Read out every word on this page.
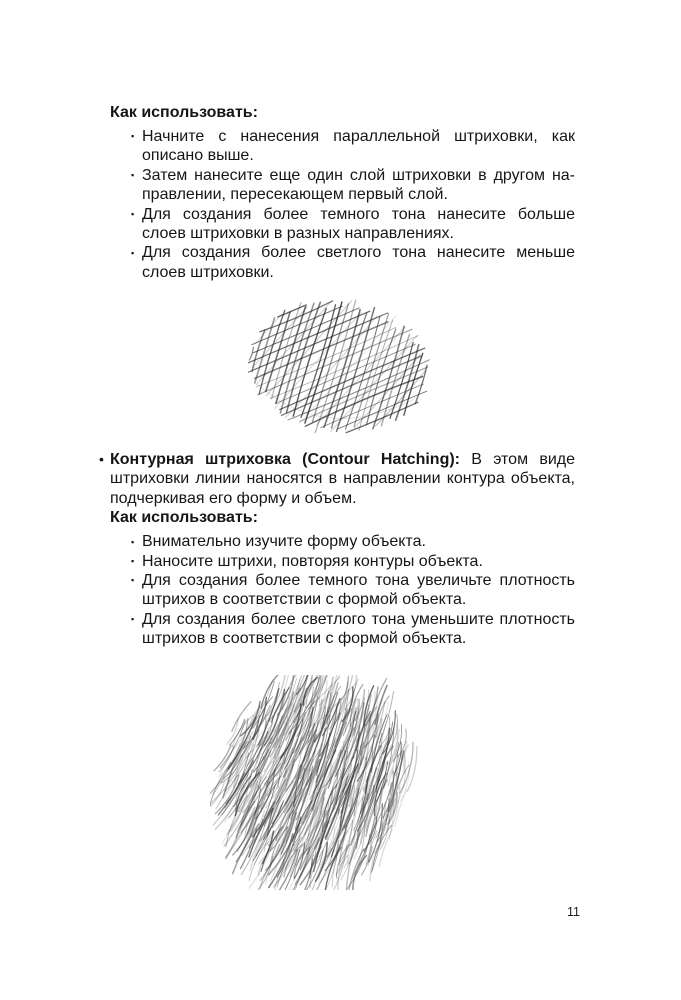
Как использовать:
▪ Начните с нанесения параллельной штриховки, как описано выше.
▪ Затем нанесите еще один слой штриховки в другом направлении, пересекающем первый слой.
▪ Для создания более темного тона нанесите больше слоев штриховки в разных направлениях.
▪ Для создания более светлого тона нанесите меньше слоев штриховки.
• Контурная штриховка (Contour Hatching): В этом виде штриховки линии наносятся в направлении контура объекта, подчеркивая его форму и объем.
Как использовать:
▪ Внимательно изучите форму объекта.
▪ Наносите штрихи, повторяя контуры объекта.
▪ Для создания более темного тона увеличьте плотность штрихов в соответствии с формой объекта.
▪ Для создания более светлого тона уменьшите плотность штрихов в соответствии с формой объекта.
11
